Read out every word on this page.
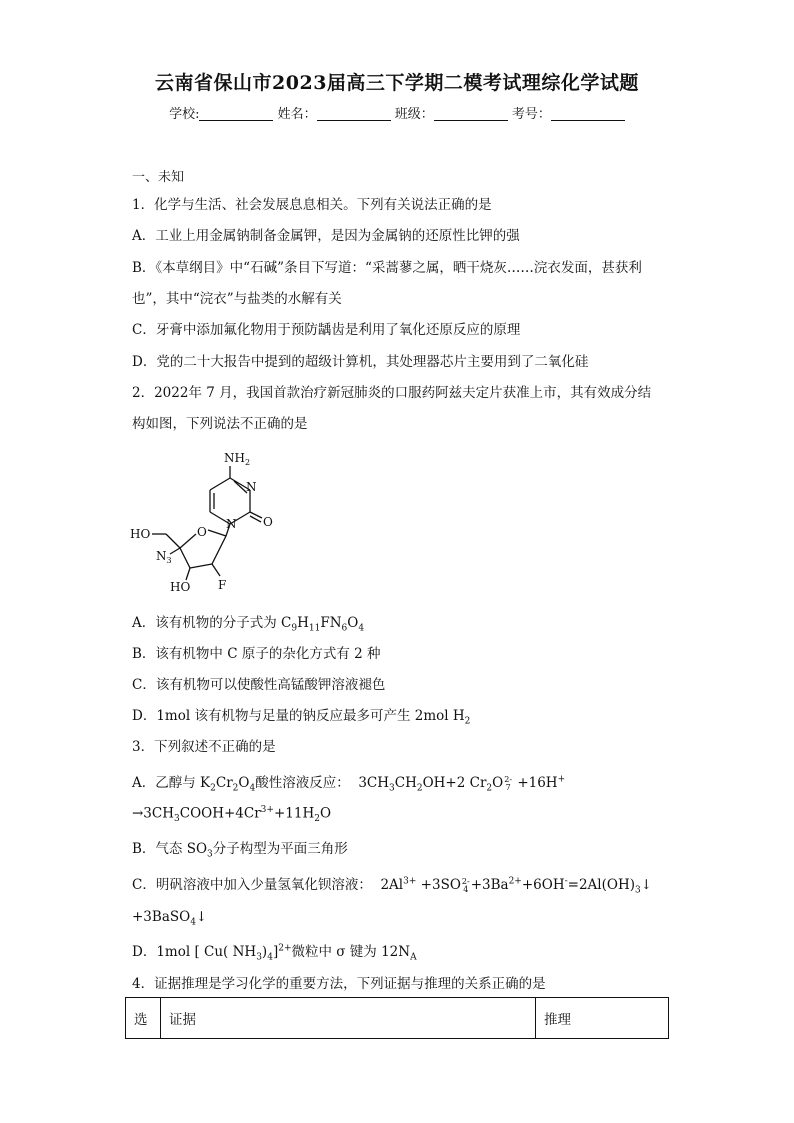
云南省保山市2023届高三下学期二模考试理综化学试题
学校:	姓名：	班级：	考号：
一、未知
1．化学与生活、社会发展息息相关。下列有关说法正确的是
A．工业上用金属钠制备金属钾，是因为金属钠的还原性比钾的强
B．《本草纲目》中“石碱”条目下写道：“采蒿蓼之属，晒干烧灰……浣衣发面，甚获利
也”，其中“浣衣”与盐类的水解有关
C．牙膏中添加氟化物用于预防龋齿是利用了氧化还原反应的原理
D．党的二十大报告中提到的超级计算机，其处理器芯片主要用到了二氧化硅
2．2022年 7 月，我国首款治疗新冠肺炎的口服药阿兹夫定片获准上市，其有效成分结
构如图，下列说法不正确的是
$NH_2$
N
N O
O
HO
$N_3$
HO F
A．该有机物的分子式为 $C_9H_{11}FN_6O_4$
B．该有机物中 C 原子的杂化方式有 2 种
C．该有机物可以使酸性高锰酸钾溶液褪色
D．1mol 该有机物与足量的钠反应最多可产生 2mol $H_2$
3．下列叙述不正确的是
A．乙醇与 $K_2Cr_2O_4$酸性溶液反应： $3CH_3CH_2OH+2$ $Cr_2O2-$
7 +16H+
$\to 3CH_3COOH+4Cr^{3+}+11H_2O$
B．气态 $SO_3$分子构型为平面三角形
C．明矾溶液中加入少量氢氧化钡溶液： $2Al^{3+} +3SO2-$
$4 +3Ba^{2+}+6OH^-=2Al(OH)_3↓$
+3BaSO$_4$↓
D．1mol [ Cu( $NH_3)_4]^{2+}$微粒中 σ 键为 $12N_A$
4．证据推理是学习化学的重要方法，下列证据与推理的关系正确的是
选	证据	推理
